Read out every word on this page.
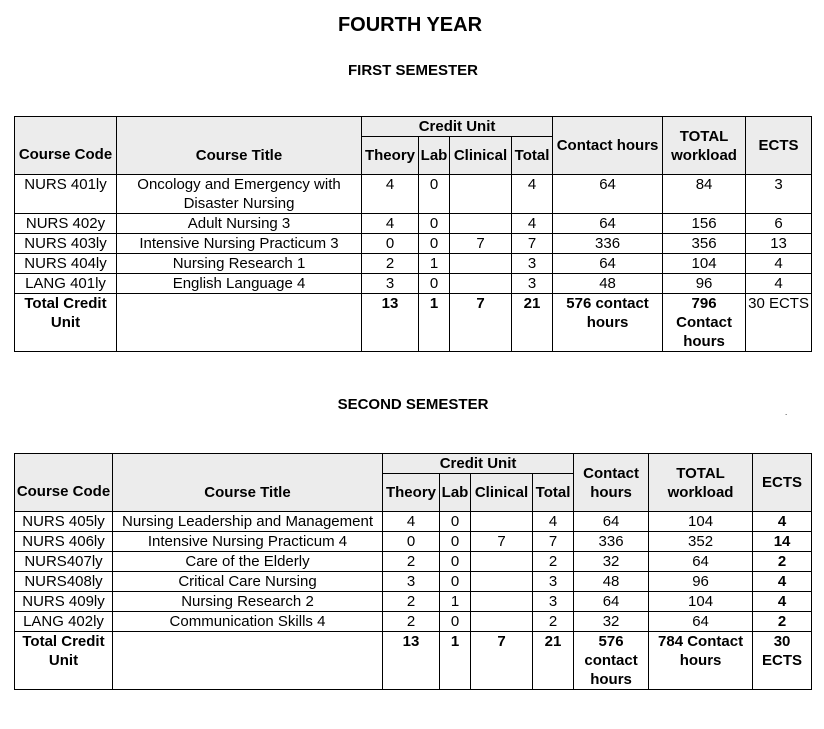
FOURTH YEAR
FIRST SEMESTER
Course Code	Course Title	Credit Unit				Contact hours	TOTAL workload	ECTS
		Theory	Lab	Clinical	Total			
NURS 401ly	Oncology and Emergency with Disaster Nursing	4	0		4	64	84	3
NURS 402y	Adult Nursing 3	4	0		4	64	156	6
NURS 403ly	Intensive Nursing Practicum 3	0	0	7	7	336	356	13
NURS 404ly	Nursing Research 1	2	1		3	64	104	4
LANG 401ly	English Language 4	3	0		3	48	96	4
Total Credit Unit		13	1	7	21	576 contact hours	796 Contact hours	30 ECTS
SECOND SEMESTER	.
Course Code	Course Title	Credit Unit				Contact hours	TOTAL workload	ECTS
		Theory	Lab	Clinical	Total			
NURS 405ly	Nursing Leadership and Management	4	0		4	64	104	4
NURS 406ly	Intensive Nursing Practicum 4	0	0	7	7	336	352	14
NURS407ly	Care of the Elderly	2	0		2	32	64	2
NURS408ly	Critical Care Nursing	3	0		3	48	96	4
NURS 409ly	Nursing Research 2	2	1		3	64	104	4
LANG 402ly	Communication Skills 4	2	0		2	32	64	2
Total Credit Unit		13	1	7	21	576 contact hours	784 Contact hours	30 ECTS
